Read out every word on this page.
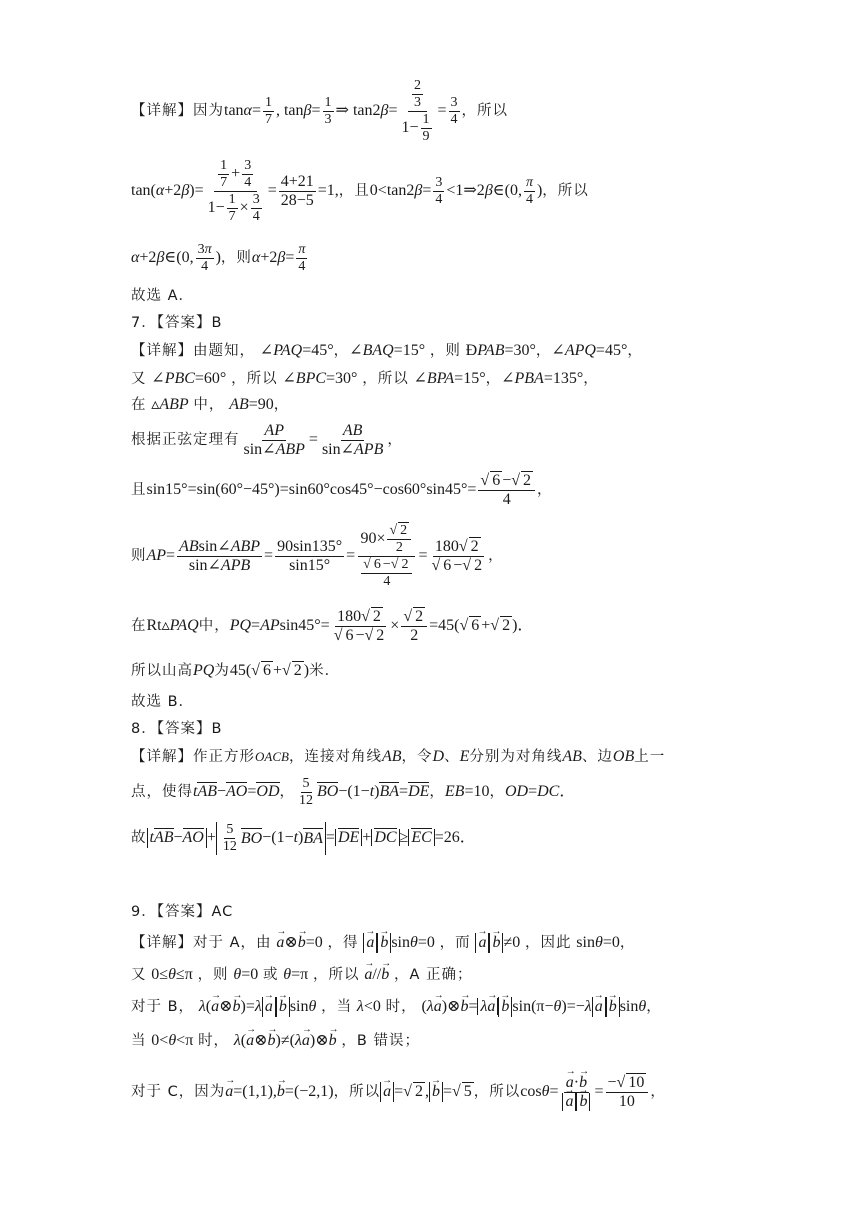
【详解】因为 $\tan\alpha= \frac{1}{7}$ , $\tan\beta= \frac{1}{3}$ ⇒ $\tan 2\beta= \frac{\frac{2}{3}}{1- \frac{1}{9}} = \frac{3}{4}$ ，所以
$\tan(\alpha+2\beta)= \frac{\frac{1}{7} + \frac{3}{4}}{1- \frac{1}{7} \times \frac{3}{4}} = \frac{4+21}{28-5} =1$, ，且 $0<\tan 2\beta= \frac{3}{4}$ <1⇒2β∈(0, $\frac{\pi}{4}$ ) ，所以
α+2β∈(0, $\frac{3\pi}{4}$ ) ，则 $\alpha+2\beta= \frac{\pi}{4}$
故选 A．
7．【答案】B
【详解】由题知， ∠PAQ=45°，∠BAQ=15° ，则 ÐPAB=30°，∠APQ=45°，
又 ∠PBC=60° ，所以 ∠BPC=30° ，所以 ∠BPA=15°，∠PBA=135°，
在 ▵ABP 中， AB=90，
根据正弦定理有 $\frac{AP}{\text{sin∠ABP}} = \frac{AB}{\text{sin∠APB}}$ ，
且 $\sin 15^\circ=\sin(60^\circ-45^\circ)=\sin 60^\circ\cos 45^\circ-\cos 60^\circ\sin 45^\circ= \frac{√ 6 -√ 2}{4}$ ，
则 $AP= \frac{\text{ABsin∠ABP}}{\text{sin∠APB}} = \frac{90\sin 135^\circ}{\sin 15^\circ} = \frac{90\times \frac{√ 2}{2}}{\frac{√ 6 -√ 2}{4}} = \frac{180√ 2}{√ 6 -√ 2}$ ，
在 Rt▵PAQ 中， $PQ=APsin45^\circ= \frac{180√ 2}{√ 6 -√ 2} \times \frac{√ 2}{2} =45(√$ 6 +√ 2 )．
所以山高PQ为45(√ 6 +√ 2 )米．
故选 B．
8．【答案】B
【详解】作正方形OACB，连接对角线AB，令D、E分别为对角线AB、边OB上一
点，使得 tAB−AO=OD ， $\frac{5}{12} BO-(1-t)BA=DE$ ， EB=10 ， OD=DC．
故 $tAB-AO + \frac{5}{12}$ BO −(1− t ) BA = DE + DC ≥ EC =26．
9．【答案】AC
【详解】对于 A，由 → a⊗→ b=0 ，得 → a → b sinθ=0 ，而 → a → b ≠0 ，因此 sinθ=0，
又 0≤θ≤π ，则 θ=0 或 θ=π ，所以 → a//→ b ，A 正确；
对于 B， λ(→ a⊗→ b)=λ → a → b sinθ ，当 λ<0 时， (λ→ a)⊗→ b= λ→ a → b sin(π−θ)=−λ → a → b sinθ，
当 0<θ<π 时， λ(→ a⊗→ b)≠(λ→ a)⊗→ b ，B 错误；
对于 C，因为 → a=(1,1),→ b=(−2,1) ，所以 → a =√ 2 , → b =√ 5 ，所以 cosθ= → a·→ b
→ $a \to b = \frac{-√ 10}{10}$ ，
